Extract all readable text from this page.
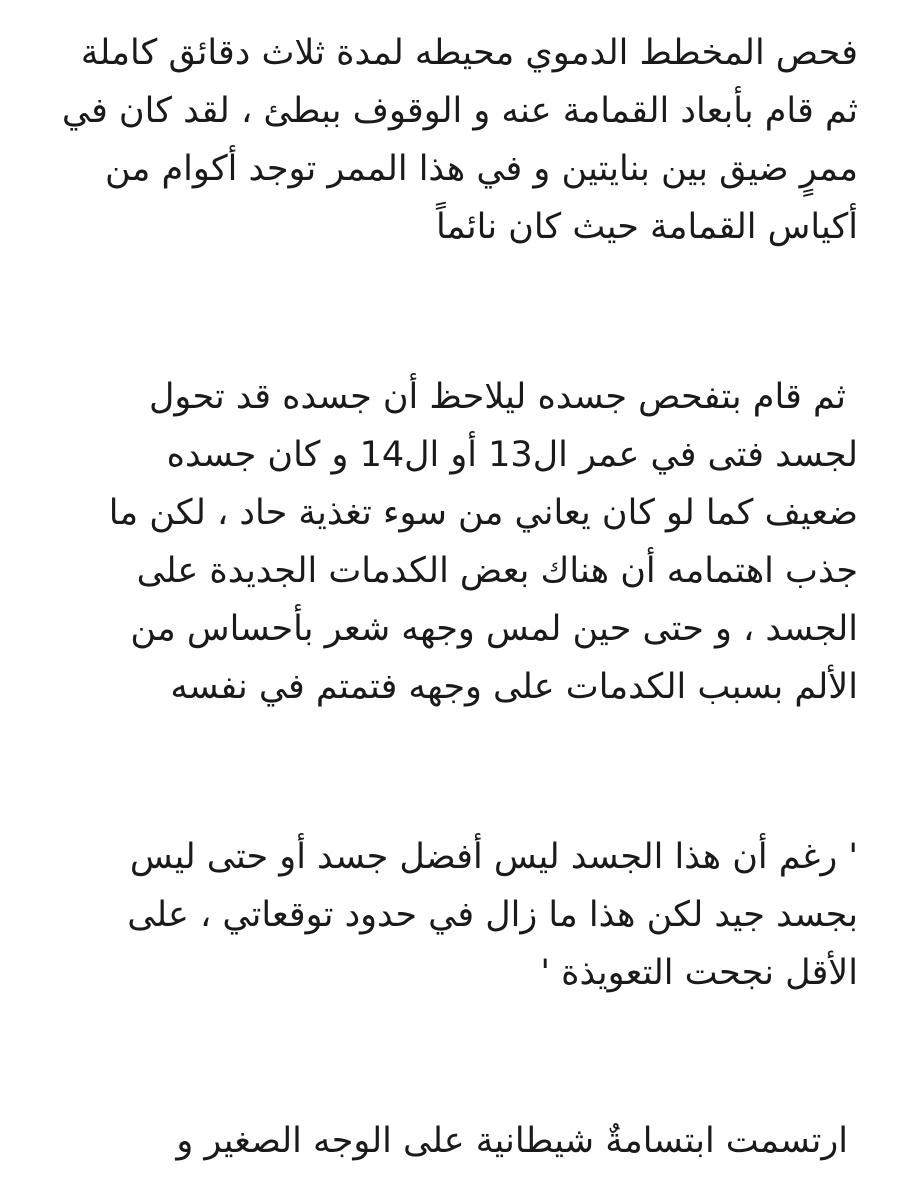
فحص المخطط الدموي محيطه لمدة ثلاث دقائق كاملة
ثم قام بأبعاد القمامة عنه و الوقوف ببطئ ، لقد كان في
ممرٍ ضيق بين بنايتين و في هذا الممر توجد أكوام من
أكياس القمامة حيث كان نائماً

ثم قام بتفحص جسده ليلاحظ أن جسده قد تحول
لجسد فتى في عمر ال13 أو ال14 و كان جسده
ضعيف كما لو كان يعاني من سوء تغذية حاد ، لكن ما
جذب اهتمامه أن هناك بعض الكدمات الجديدة على
الجسد ، و حتى حين لمس وجهه شعر بأحساس من
الألم بسبب الكدمات على وجهه فتمتم في نفسه

' رغم أن هذا الجسد ليس أفضل جسد أو حتى ليس
بجسد جيد لكن هذا ما زال في حدود توقعاتي ، على
الأقل نجحت التعويذة '

ارتسمت ابتسامةٌ شيطانية على الوجه الصغير و
